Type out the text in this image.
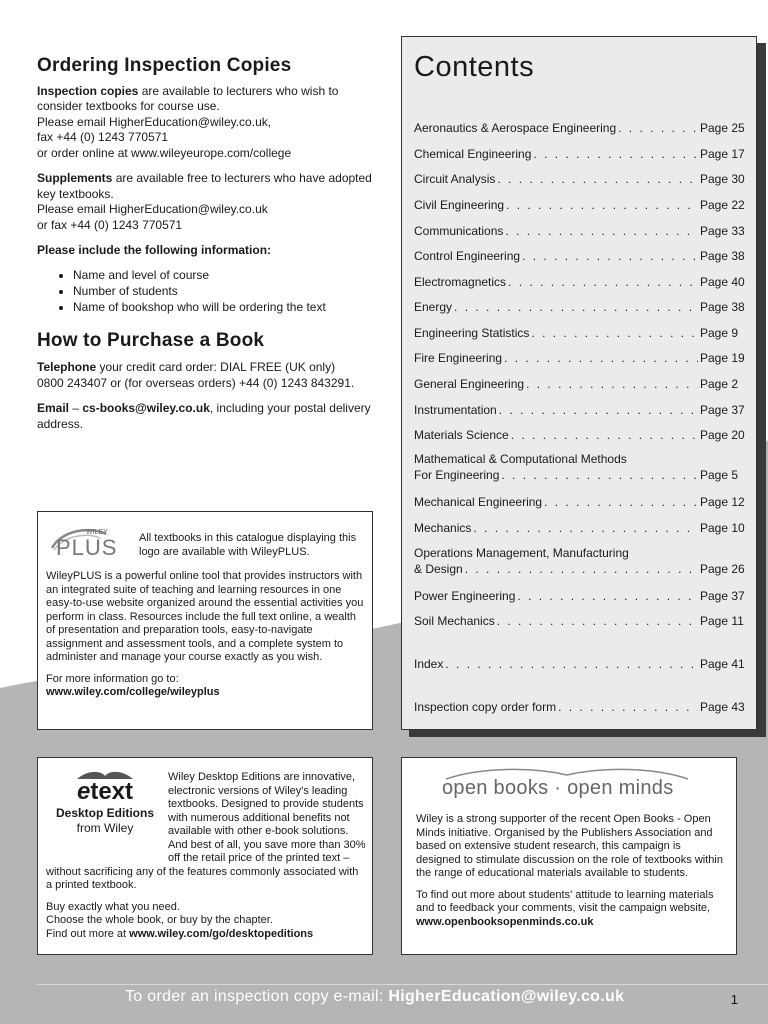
Ordering Inspection Copies

Inspection copies are available to lecturers who wish to consider textbooks for course use.
Please email HigherEducation@wiley.co.uk,
fax +44 (0) 1243 770571
or order online at www.wileyeurope.com/college

Supplements are available free to lecturers who have adopted key textbooks.
Please email HigherEducation@wiley.co.uk
or fax +44 (0) 1243 770571

Please include the following information:

• Name and level of course
• Number of students
• Name of bookshop who will be ordering the text
How to Purchase a Book

Telephone your credit card order: DIAL FREE (UK only)
0800 243407 or (for overseas orders) +44 (0) 1243 843291.

Email – cs-books@wiley.co.uk, including your postal delivery address.

Contents
Aeronautics & Aerospace Engineering . . .	Page 25
Chemical Engineering . . .	Page 17
Circuit Analysis . . .	Page 30
Civil Engineering . . .	Page 22
Communications . . .	Page 33
Control Engineering . . .	Page 38
Electromagnetics . . .	Page 40
Energy . . .	Page 38
Engineering Statistics . . .	Page 9
Fire Engineering . . .	Page 19
General Engineering . . .	Page 2
Instrumentation . . .	Page 37
Materials Science . . .	Page 20
Mathematical & Computational Methods
For Engineering . . .	Page 5
Mechanical Engineering . . .	Page 12
Mechanics . . .	Page 10
Operations Management, Manufacturing
& Design . . .	Page 26
Power Engineering . . .	Page 37
Soil Mechanics . . .	Page 11
Index . . .	Page 41
Inspection copy order form . . .	Page 43
WILEY
PLUS All textbooks in this catalogue displaying this logo are available with WileyPLUS.

WileyPLUS is a powerful online tool that provides instructors with an integrated suite of teaching and learning resources in one easy-to-use website organized around the essential activities you perform in class. Resources include the full text online, a wealth of presentation and preparation tools, easy-to-navigate assignment and assessment tools, and a complete system to administer and manage your course exactly as you wish.

For more information go to:
www.wiley.com/college/wileyplus

etext
Desktop Editions
from Wiley

Wiley Desktop Editions are innovative, electronic versions of Wiley's leading textbooks. Designed to provide students with numerous additional benefits not available with other e-book solutions. And best of all, you save more than 30% off the retail price of the printed text – without sacrificing any of the features commonly associated with a printed textbook.

Buy exactly what you need.
Choose the whole book, or buy by the chapter.
Find out more at www.wiley.com/go/desktopeditions

open books · open minds

Wiley is a strong supporter of the recent Open Books - Open Minds initiative. Organised by the Publishers Association and based on extensive student research, this campaign is designed to stimulate discussion on the role of textbooks within the range of educational materials available to students.

To find out more about students' attitude to learning materials and to feedback your comments, visit the campaign website, www.openbooksopenminds.co.uk

To order an inspection copy e-mail: HigherEducation@wiley.co.uk	1
